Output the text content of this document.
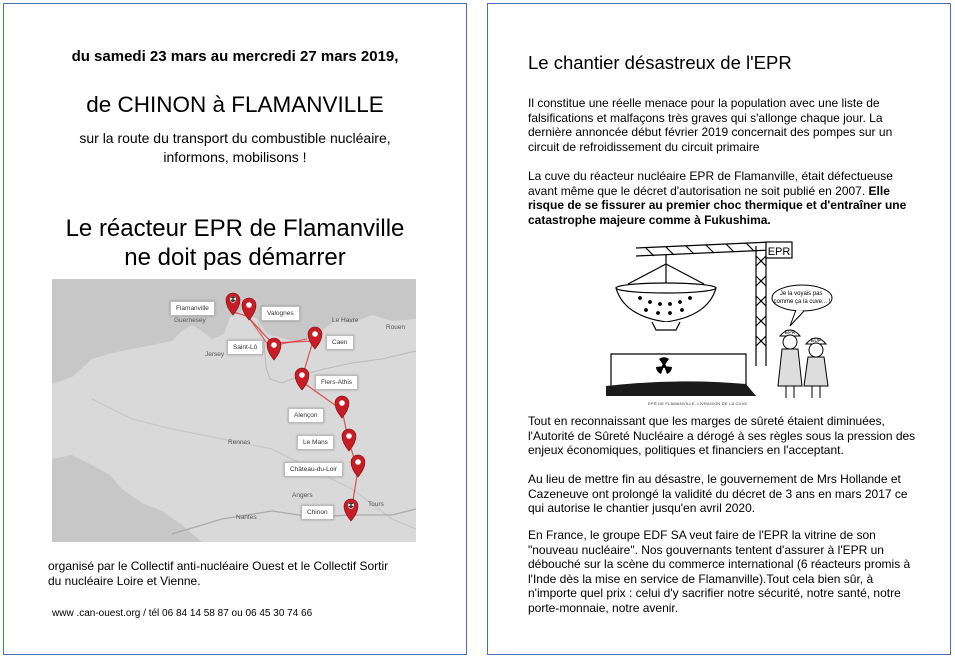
du samedi 23 mars au mercredi 27 mars 2019,
de CHINON à FLAMANVILLE
sur la route du transport du combustible nucléaire,
informons, mobilisons !
Le réacteur EPR de Flamanville
ne doit pas démarrer
Guernesey
Jersey
Le Havre
Rouen
Rennes
Angers
Tours
Nantes
Flamanville
Valognes
Saint-Lô
Caen
Flers-Athis
Alençon
Le Mans
Château-du-Loir
Chinon
organisé par le Collectif anti-nucléaire Ouest et le Collectif Sortir
du nucléaire Loire et Vienne.
www .can-ouest.org / tél 06 84 14 58 87 ou 06 45 30 74 66
Le chantier désastreux de l'EPR
Il constitue une réelle menace pour la population avec une liste de falsifications et malfaçons très graves qui s'allonge chaque jour. La dernière annoncée début février 2019 concernait des pompes sur un circuit de refroidissement du circuit primaire
La cuve du réacteur nucléaire EPR de Flamanville, était défectueuse avant même que le décret d'autorisation ne soit publié en 2007. Elle risque de se fissurer au premier choc thermique et d'entraîner une catastrophe majeure comme à Fukushima.
EPR
Je la voyais pas comme ça la cuve... !
EPR
EDF
EPR DE FLAMANVILLE, LIVRAISON DE LA CUVE
Tout en reconnaissant que les marges de sûreté étaient diminuées, l'Autorité de Sûreté Nucléaire a dérogé à ses règles sous la pression des enjeux économiques, politiques et financiers en l'acceptant.
Au lieu de mettre fin au désastre, le gouvernement de Mrs Hollande et Cazeneuve ont prolongé la validité du décret de 3 ans en mars 2017 ce qui autorise le chantier jusqu'en avril 2020.
En France, le groupe EDF SA veut faire de l'EPR la vitrine de son "nouveau nucléaire". Nos gouvernants tentent d'assurer à l'EPR un débouché sur la scène du commerce international (6 réacteurs promis à l'Inde dès la mise en service de Flamanville).Tout cela bien sûr, à n'importe quel prix : celui d'y sacrifier notre sécurité, notre santé, notre porte-monnaie, notre avenir.
